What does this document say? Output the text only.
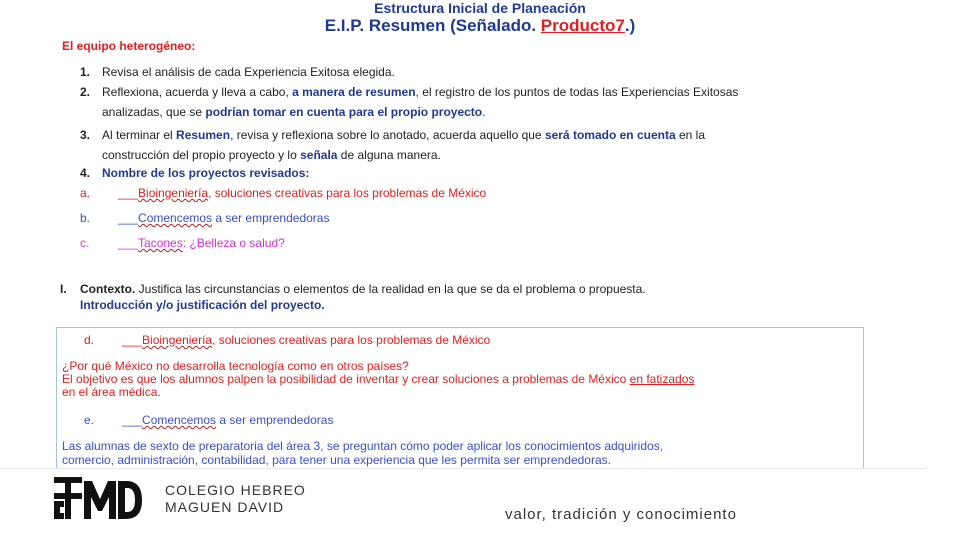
Estructura Inicial de Planeación
E.I.P. Resumen (Señalado. Producto7.)
El equipo heterogéneo:
1. Revisa el análisis de cada Experiencia Exitosa elegida.
2. Reflexiona, acuerda y lleva a cabo, a manera de resumen, el registro de los puntos de todas las Experiencias Exitosas
analizadas, que se podrían tomar en cuenta para el propio proyecto.
3. Al terminar el Resumen, revisa y reflexiona sobre lo anotado, acuerda aquello que será tomado en cuenta en la
construcción del propio proyecto y lo señala de alguna manera.
4. Nombre de los proyectos revisados:
a. ___Bioingeniería, soluciones creativas para los problemas de México
b. ___Comencemos a ser emprendedoras
c. ___Tacones: ¿Belleza o salud?
I. Contexto. Justifica las circunstancias o elementos de la realidad en la que se da el problema o propuesta.
Introducción y/o justificación del proyecto.
d. ___Bioingeniería, soluciones creativas para los problemas de México
¿Por qué México no desarrolla tecnología como en otros países?
El objetivo es que los alumnos palpen la posibilidad de inventar y crear soluciones a problemas de México en fatizados
en el área médica.
e. ___Comencemos a ser emprendedoras
Las alumnas de sexto de preparatoria del área 3, se preguntan cómo poder aplicar los conocimientos adquiridos,
comercio, administración, contabilidad, para tener una experiencia que les permita ser emprendedoras.
COLEGIO HEBREO
MAGUEN DAVID	valor, tradición y conocimiento
